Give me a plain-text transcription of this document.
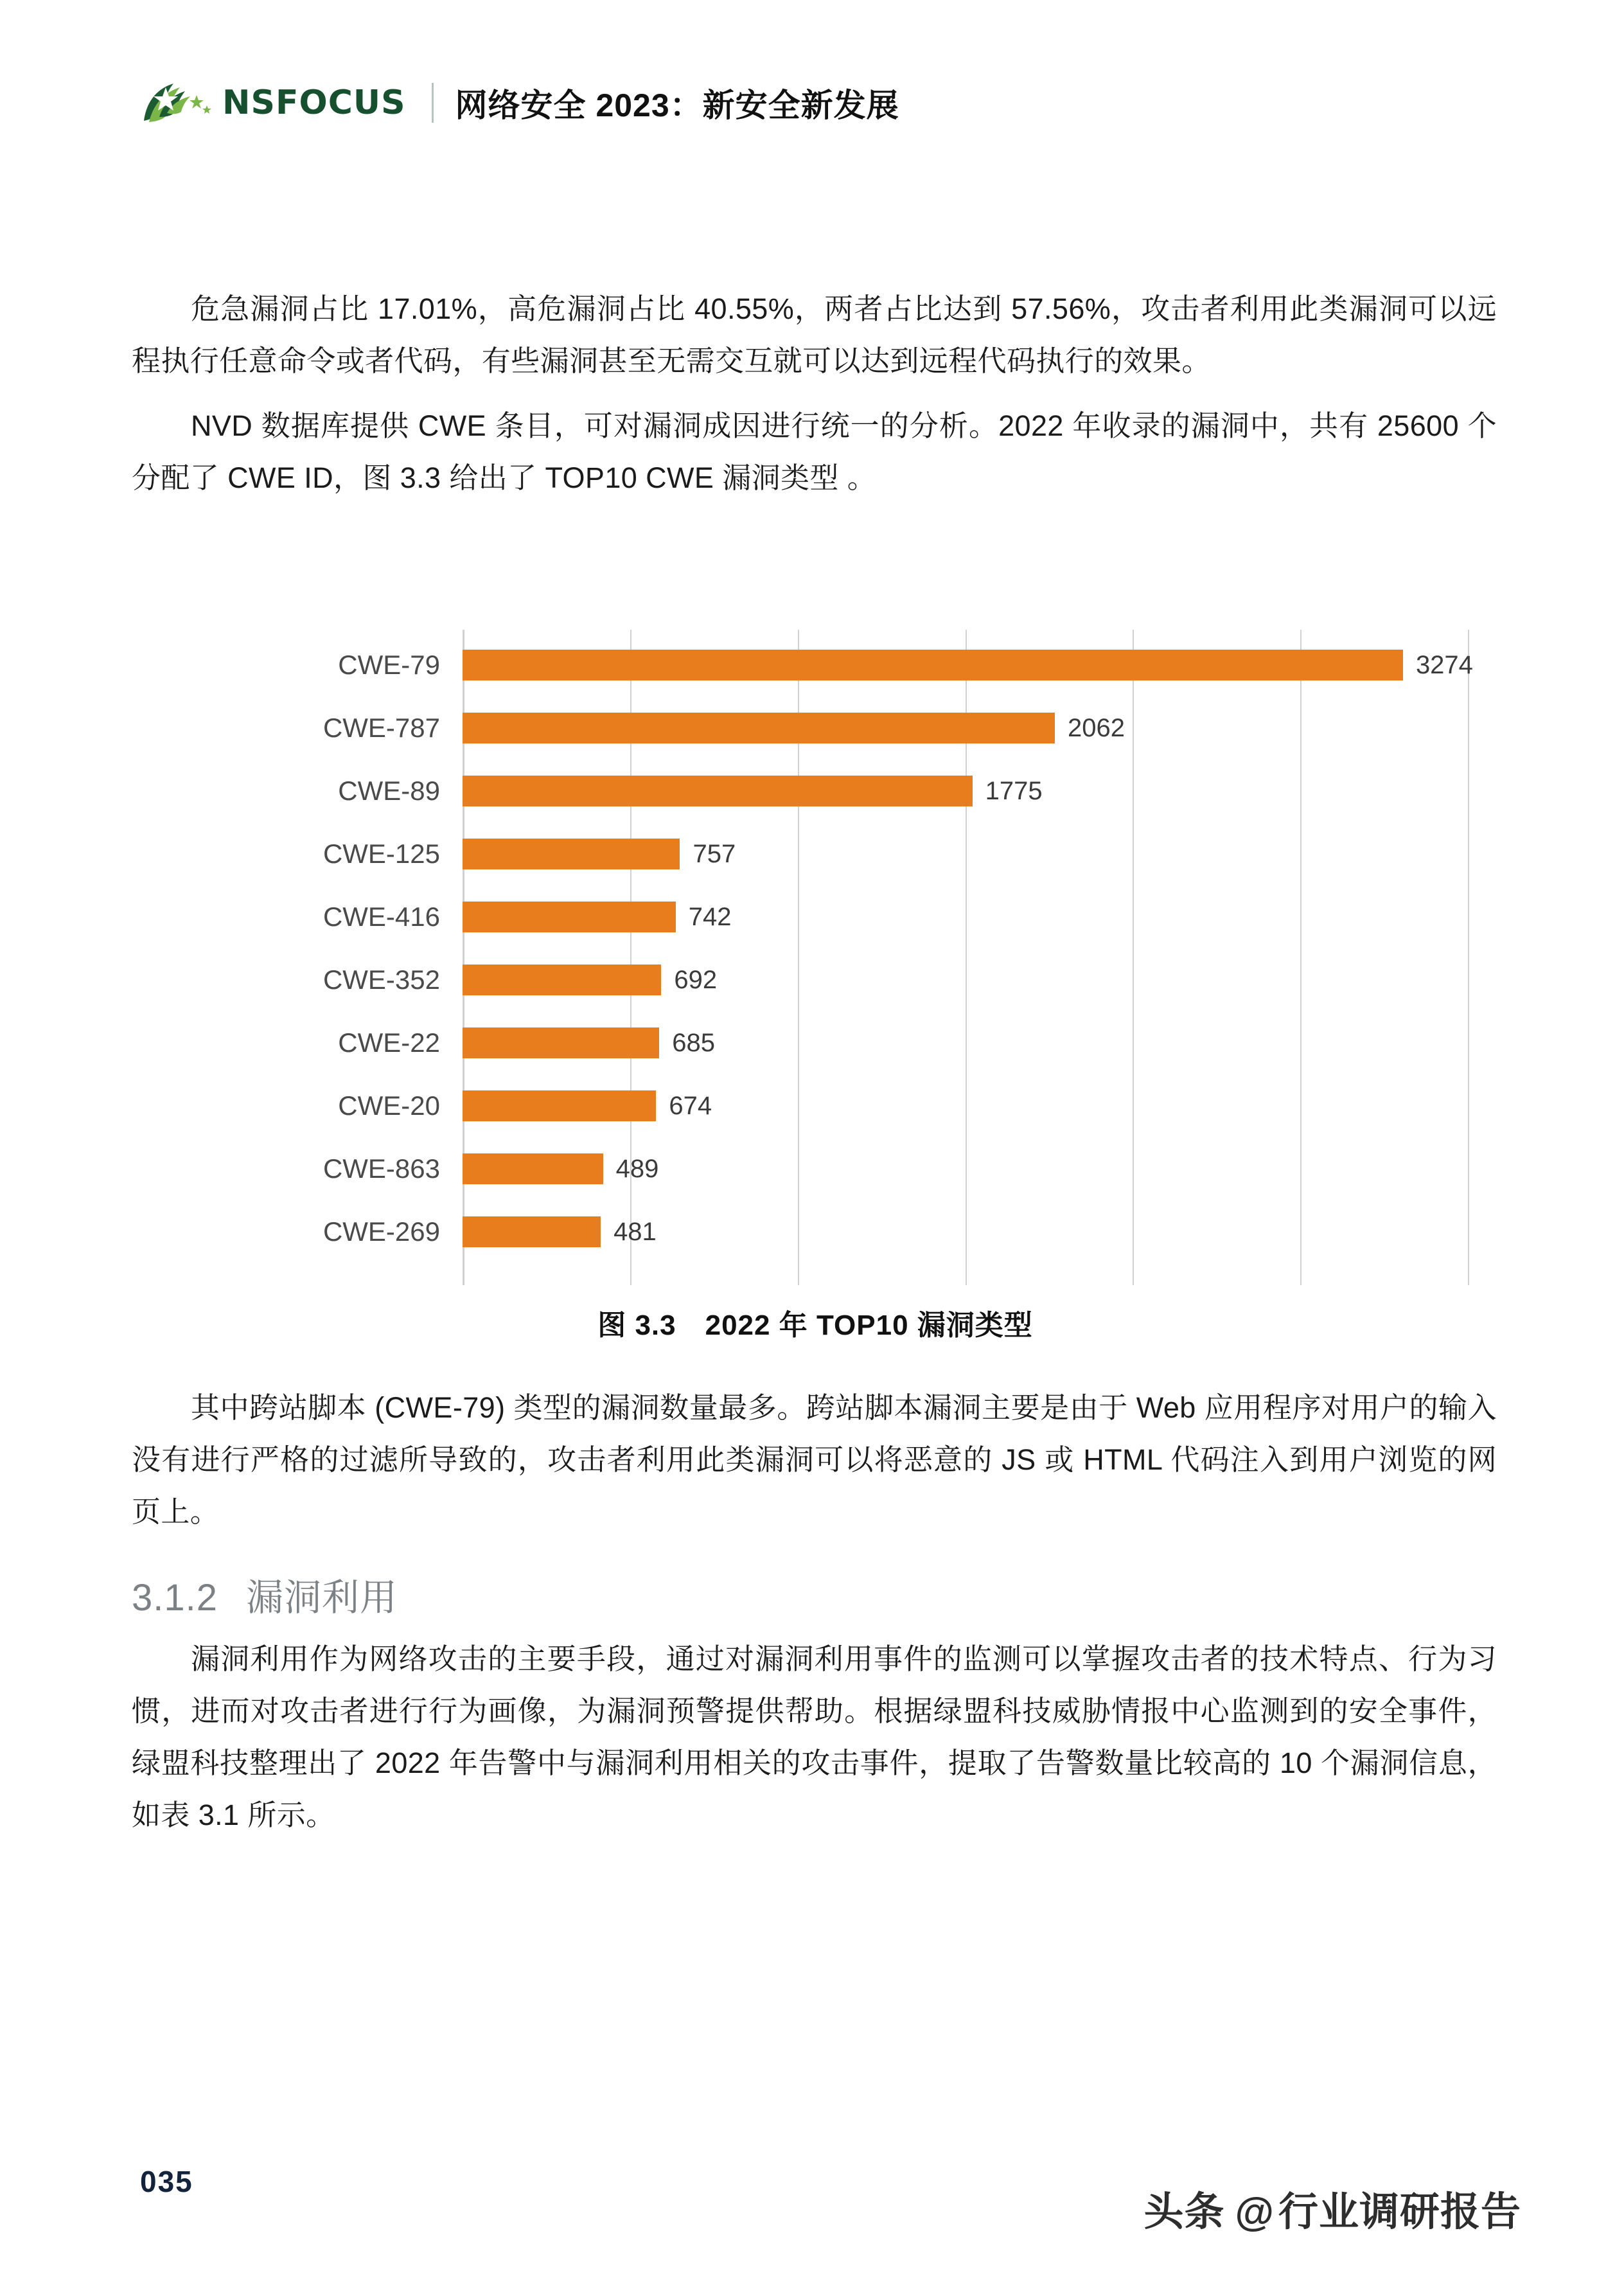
NSFOCUS 网络安全 2023：新安全新发展

危急漏洞占比 17.01%，高危漏洞占比 40.55%，两者占比达到 57.56%，攻击者利用此类漏洞可以远程执行任意命令或者代码，有些漏洞甚至无需交互就可以达到远程代码执行的效果。

NVD 数据库提供 CWE 条目，可对漏洞成因进行统一的分析。2022 年收录的漏洞中，共有 25600 个分配了 CWE ID，图 3.3 给出了 TOP10 CWE 漏洞类型 。

CWE-79	3274
CWE-787	2062
CWE-89	1775
CWE-125	757
CWE-416	742
CWE-352	692
CWE-22	685
CWE-20	674
CWE-863	489
CWE-269	481
图 3.3　2022 年 TOP10 漏洞类型

其中跨站脚本 (CWE-79) 类型的漏洞数量最多。跨站脚本漏洞主要是由于 Web 应用程序对用户的输入没有进行严格的过滤所导致的，攻击者利用此类漏洞可以将恶意的 JS 或 HTML 代码注入到用户浏览的网页上。

3.1.2 漏洞利用

漏洞利用作为网络攻击的主要手段，通过对漏洞利用事件的监测可以掌握攻击者的技术特点、行为习惯，进而对攻击者进行行为画像，为漏洞预警提供帮助。根据绿盟科技威胁情报中心监测到的安全事件，绿盟科技整理出了 2022 年告警中与漏洞利用相关的攻击事件，提取了告警数量比较高的 10 个漏洞信息，如表 3.1 所示。

035
头条 @行业调研报告
